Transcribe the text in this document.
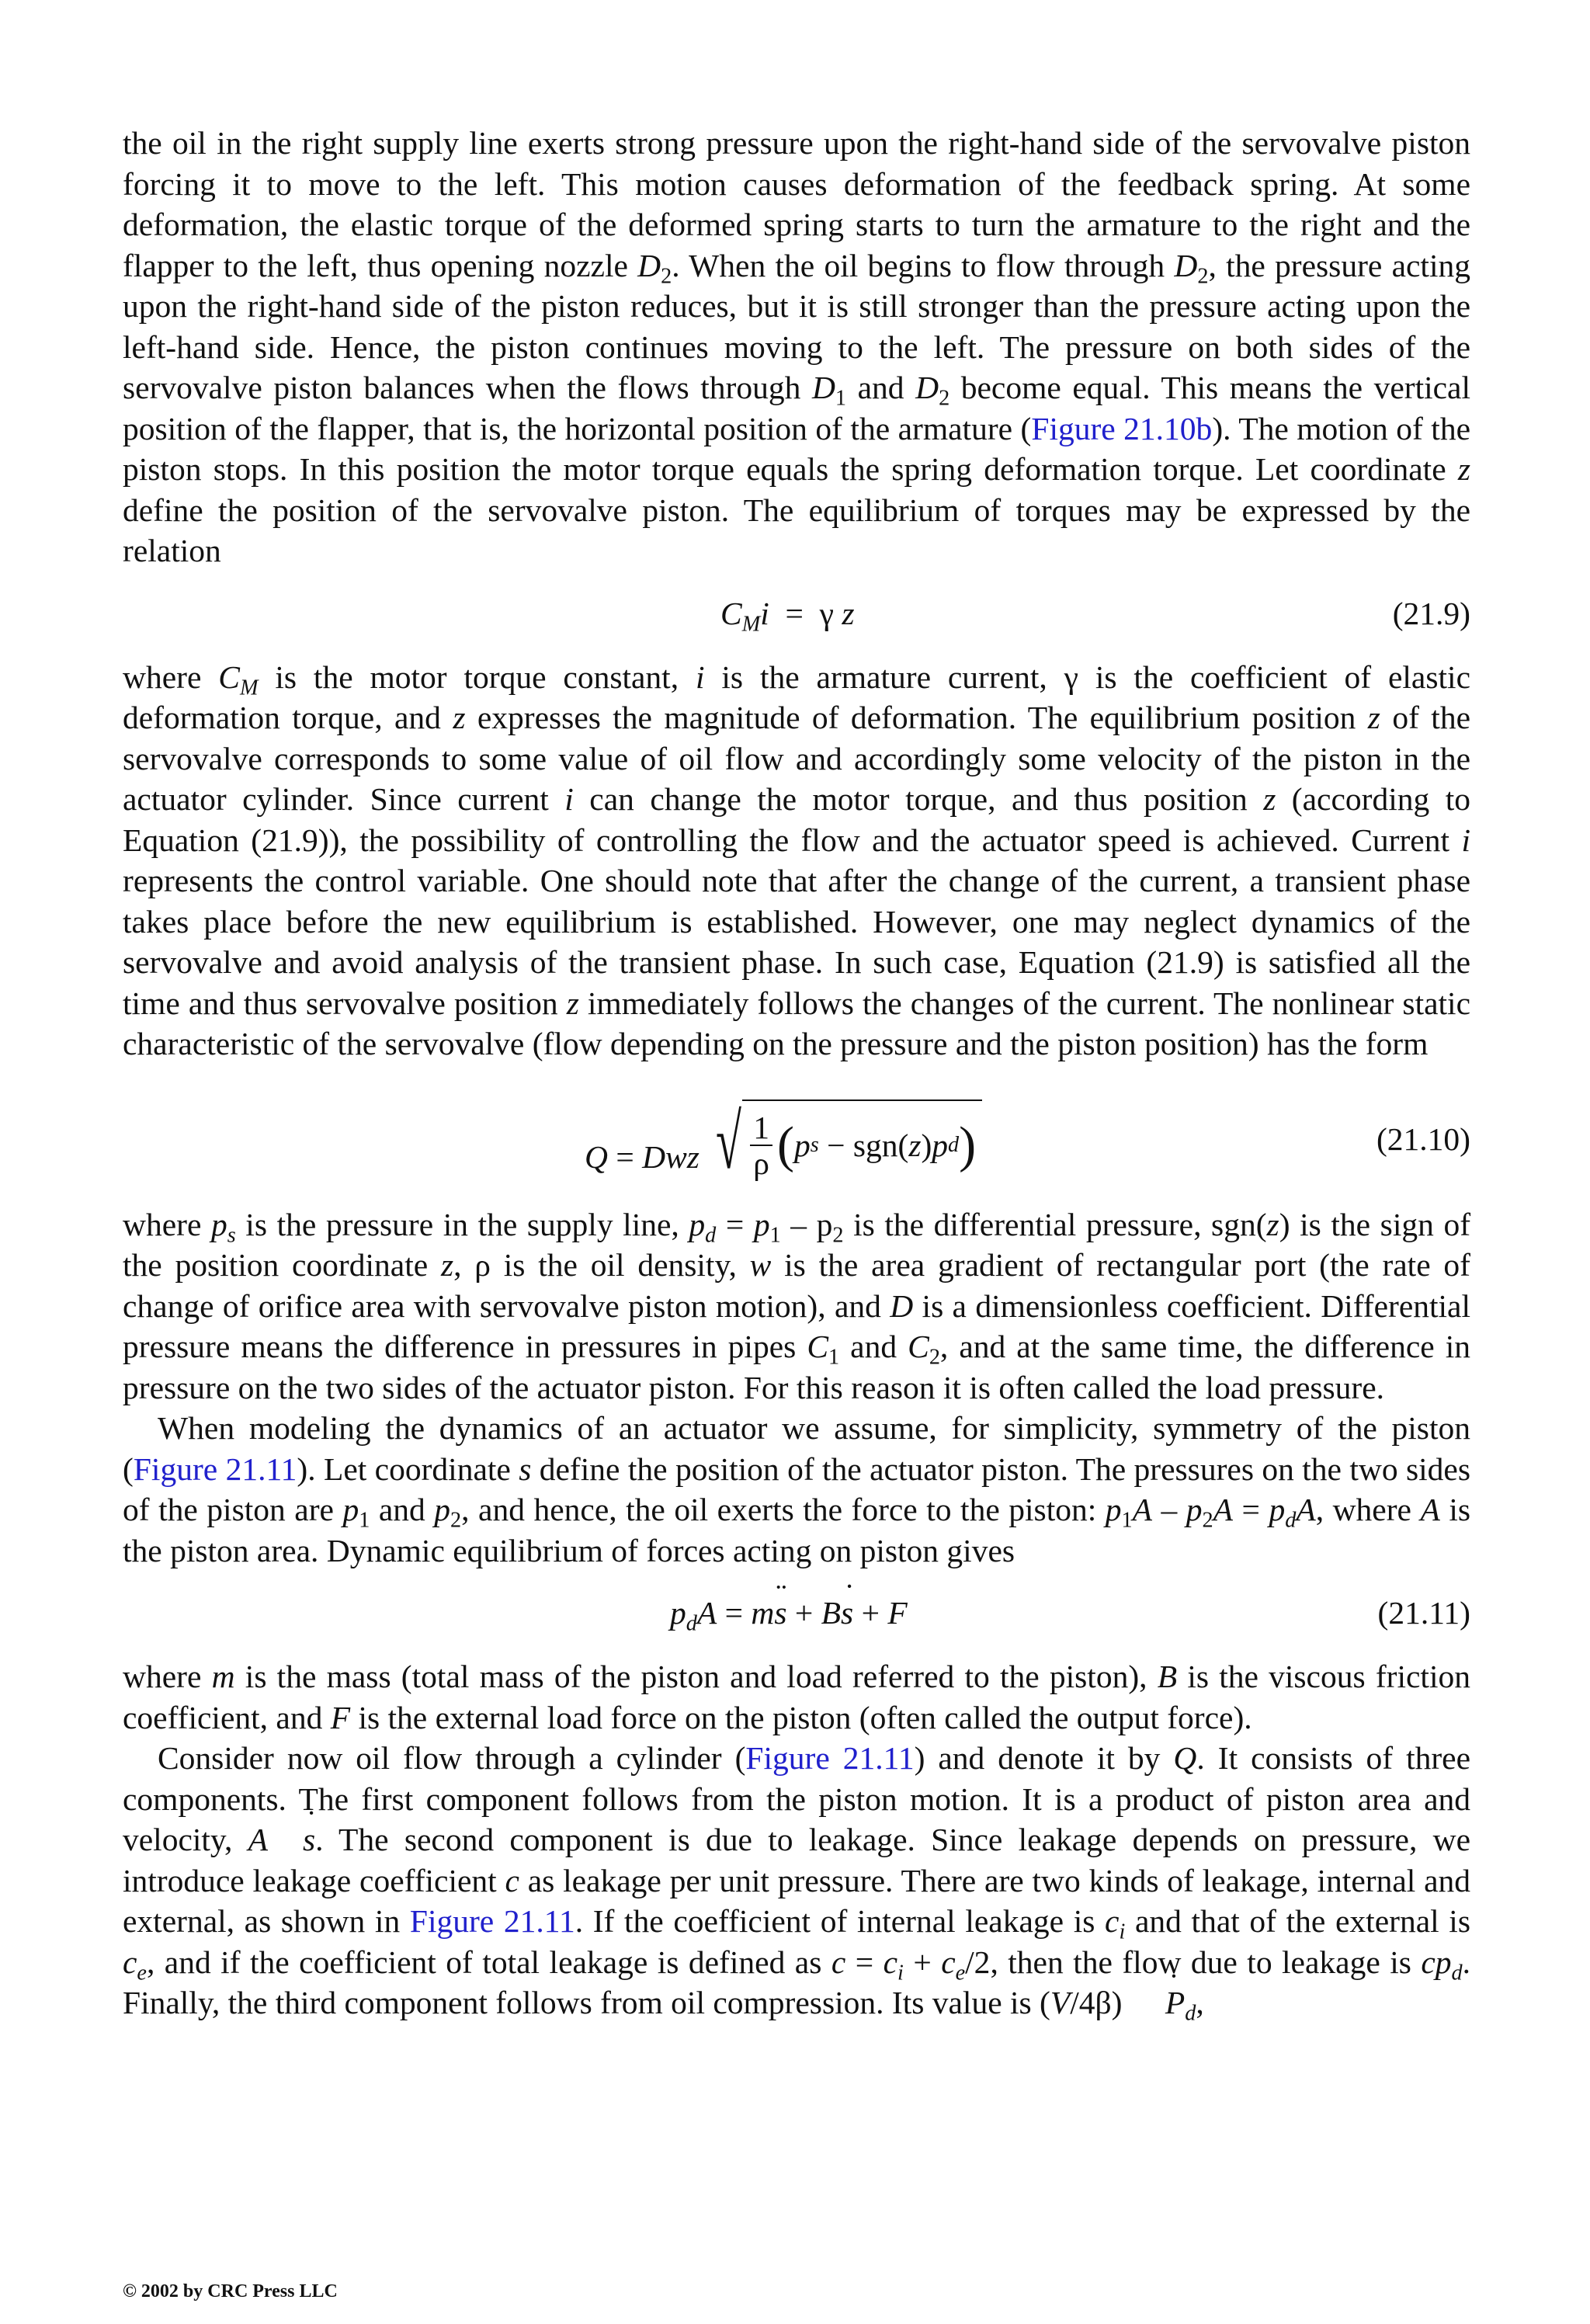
the oil in the right supply line exerts strong pressure upon the right-hand side of the servovalve piston forcing it to move to the left. This motion causes deformation of the feedback spring. At some deformation, the elastic torque of the deformed spring starts to turn the armature to the right and the flapper to the left, thus opening nozzle $D_2$. When the oil begins to flow through $D_2$, the pressure acting upon the right-hand side of the piston reduces, but it is still stronger than the pressure acting upon the left-hand side. Hence, the piston continues moving to the left. The pressure on both sides of the servovalve piston balances when the flows through $D_1$ and $D_2$ become equal. This means the vertical position of the flapper, that is, the horizontal position of the armature (Figure 21.10b). The motion of the piston stops. In this position the motor torque equals the spring deformation torque. Let coordinate z define the position of the servovalve piston. The equilibrium of torques may be expressed by the relation

$C_Mi = \gamma$ z	(21.9)

where $C_M$ is the motor torque constant, i is the armature current, γ is the coefficient of elastic deformation torque, and z expresses the magnitude of deformation. The equilibrium position z of the servovalve corresponds to some value of oil flow and accordingly some velocity of the piston in the actuator cylinder. Since current i can change the motor torque, and thus position z (according to Equation (21.9)), the possibility of controlling the flow and the actuator speed is achieved. Current i represents the control variable. One should note that after the change of the current, a transient phase takes place before the new equilibrium is established. However, one may neglect dynamics of the servovalve and avoid analysis of the transient phase. In such case, Equation (21.9) is satisfied all the time and thus servovalve position z immediately follows the changes of the current. The nonlinear static characteristic of the servovalve (flow depending on the pressure and the piston position) has the form

Q = Dwz √ $\frac{1}{\rho}$ ( p s − sgn( z ) p d )	(21.10)

where $p_s$ is the pressure in the supply line, $p_d = p_1 - p_2$ is the differential pressure, sgn(z) is the sign of the position coordinate z, ρ is the oil density, w is the area gradient of rectangular port (the rate of change of orifice area with servovalve piston motion), and D is a dimensionless coefficient. Differential pressure means the difference in pressures in pipes $C_1$ and $C_2$, and at the same time, the difference in pressure on the two sides of the actuator piston. For this reason it is often called the load pressure.

When modeling the dynamics of an actuator we assume, for simplicity, symmetry of the piston (Figure 21.11). Let coordinate s define the position of the actuator piston. The pressures on the two sides of the piston are $p_1$ and $p_2$, and hence, the oil exerts the force to the piston: $p_1A - p_2A = p_dA$, where A is the piston area. Dynamic equilibrium of forces acting on piston gives

$p_dA$ = ms ¨ + Bs ˙ + F	(21.11)

where m is the mass (total mass of the piston and load referred to the piston), B is the viscous friction coefficient, and F is the external load force on the piston (often called the output force).

Consider now oil flow through a cylinder (Figure 21.11) and denote it by Q. It consists of three components. The first component follows from the piston motion. It is a product of piston area and velocity, A s ˙. The second component is due to leakage. Since leakage depends on pressure, we introduce leakage coefficient c as leakage per unit pressure. There are two kinds of leakage, internal and external, as shown in Figure 21.11. If the coefficient of internal leakage is $c_i$ and that of the external is $c_e$, and if the coefficient of total leakage is defined as $c = c_i + c_e/2$, then the flow due to leakage is $cp_d$. Finally, the third component follows from oil compression. Its value is (V/4β) P $˙_d$,

© 2002 by CRC Press LLC
